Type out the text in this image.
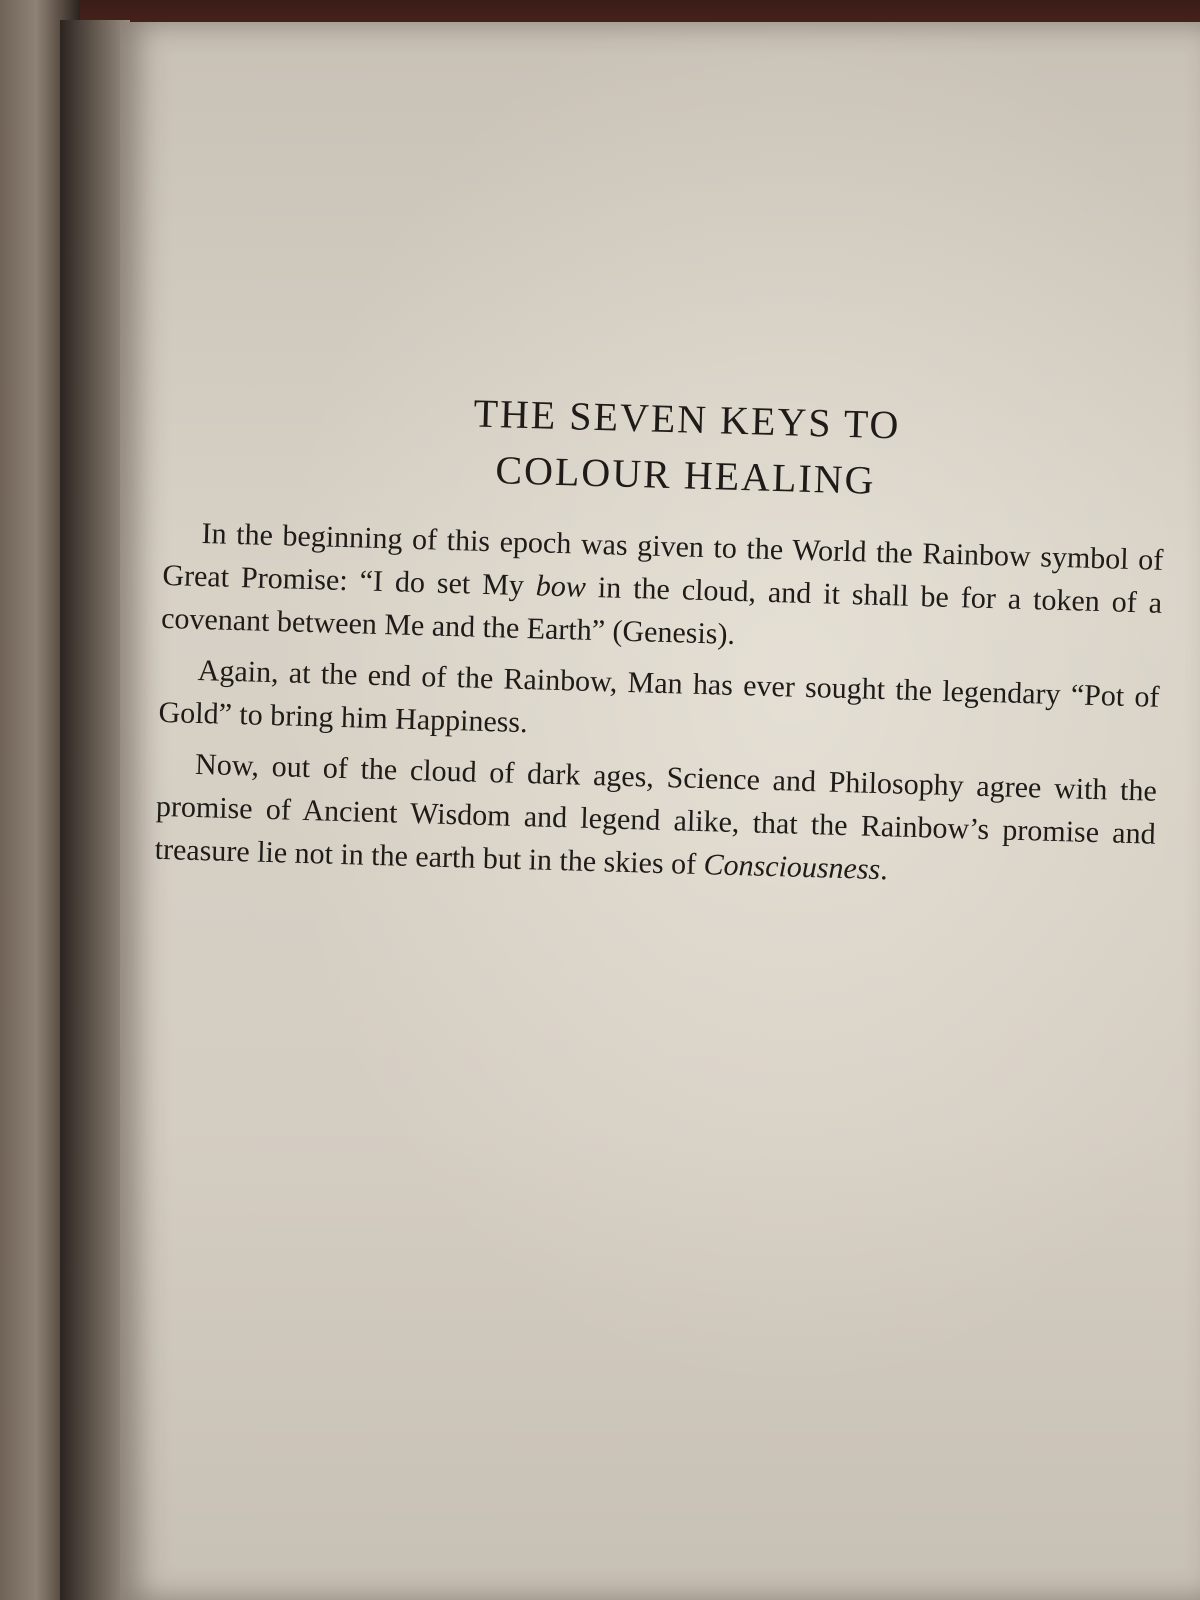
THE SEVEN KEYS TO
COLOUR HEALING

In the beginning of this epoch was given to the World the Rainbow symbol of Great Promise: “I do set My bow in the cloud, and it shall be for a token of a covenant between Me and the Earth” (Genesis).

Again, at the end of the Rainbow, Man has ever sought the legendary “Pot of Gold” to bring him Happiness.

Now, out of the cloud of dark ages, Science and Philosophy agree with the promise of Ancient Wisdom and legend alike, that the Rainbow’s promise and treasure lie not in the earth but in the skies of Consciousness.
